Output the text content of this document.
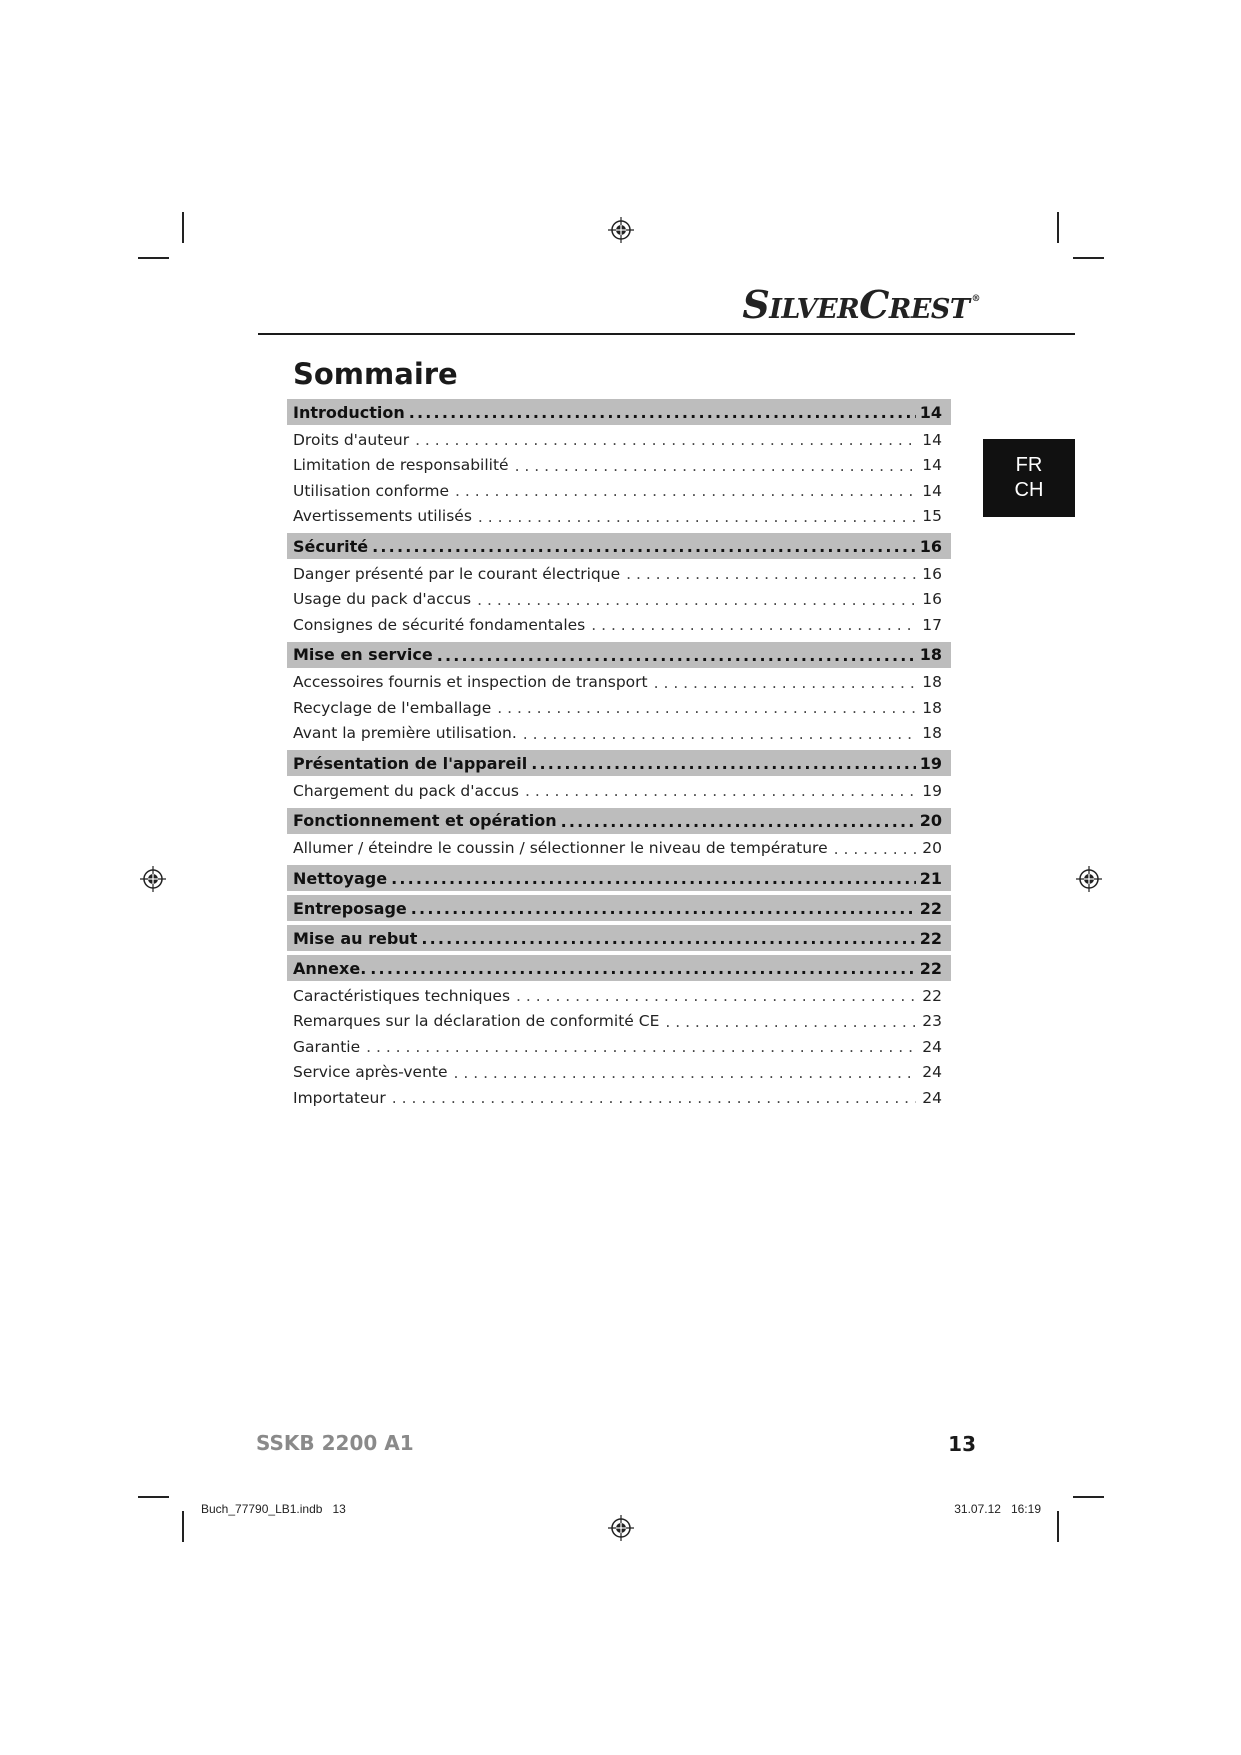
SilverCrest ®
Sommaire
FR
CH
Introduction .....	14
Droits d'auteur . . .	14
Limitation de responsabilité . . .	14
Utilisation conforme . . .	14
Avertissements utilisés . . .	15
Sécurité .....	16
Danger présenté par le courant électrique . . .	16
Usage du pack d'accus . . .	16
Consignes de sécurité fondamentales . . .	17
Mise en service .....	18
Accessoires fournis et inspection de transport . . .	18
Recyclage de l'emballage . . .	18
Avant la première utilisation. . . .	18
Présentation de l'appareil .....	19
Chargement du pack d'accus . . .	19
Fonctionnement et opération .....	20
Allumer / éteindre le coussin / sélectionner le niveau de température . . .	20
Nettoyage .....	21
Entreposage .....	22
Mise au rebut .....	22
Annexe. .....	22
Caractéristiques techniques . . .	22
Remarques sur la déclaration de conformité CE . . .	23
Garantie . . .	24
Service après-vente . . .	24
Importateur . . .	24
SSKB 2200 A1	13
Buch_77790_LB1.indb   13	31.07.12   16:19
